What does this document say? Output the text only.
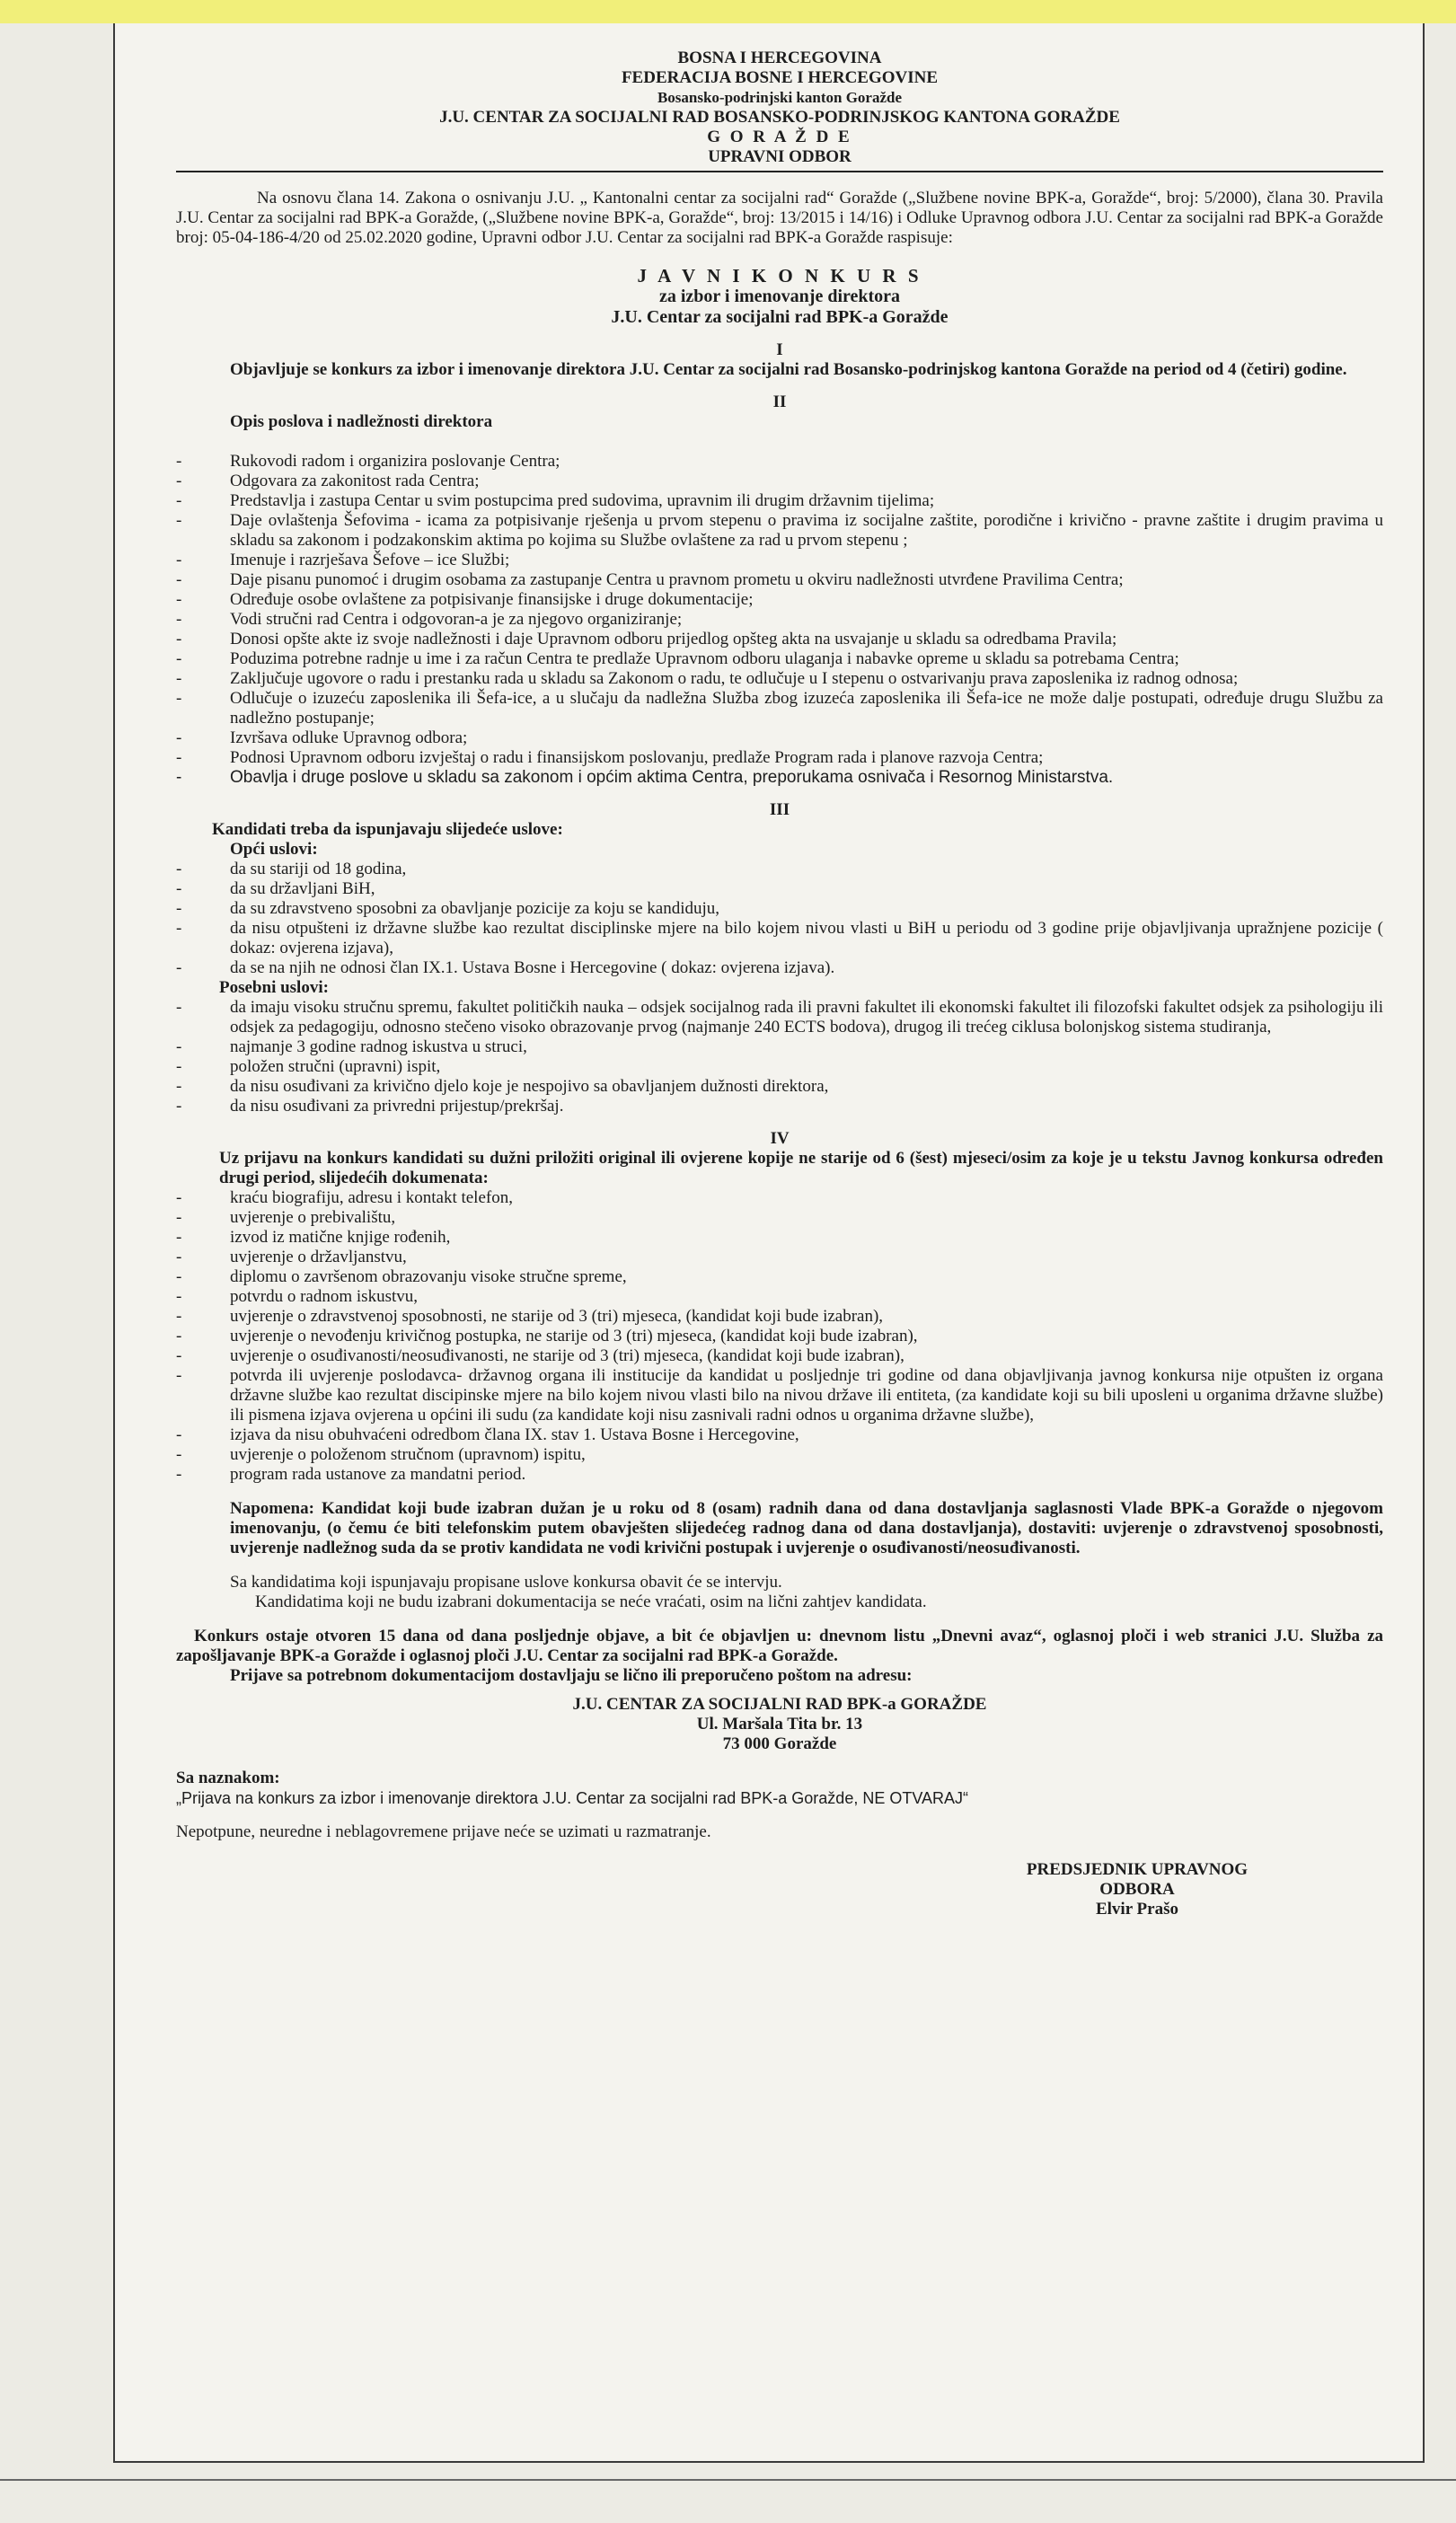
BOSNA I HERCEGOVINA
FEDERACIJA BOSNE I HERCEGOVINE
Bosansko-podrinjski kanton Goražde
J.U. CENTAR ZA SOCIJALNI RAD BOSANSKO-PODRINJSKOG KANTONA GORAŽDE
G O R A Ž D E
UPRAVNI ODBOR

Na osnovu člana 14. Zakona o osnivanju J.U. „ Kantonalni centar za socijalni rad“ Goražde („Službene novine BPK-a, Goražde“, broj: 5/2000), člana 30. Pravila J.U. Centar za socijalni rad BPK-a Goražde, („Službene novine BPK-a, Goražde“, broj: 13/2015 i 14/16) i Odluke Upravnog odbora J.U. Centar za socijalni rad BPK-a Goražde broj: 05-04-186-4/20 od 25.02.2020 godine, Upravni odbor J.U. Centar za socijalni rad BPK-a Goražde raspisuje:

J A V N I K O N K U R S
za izbor i imenovanje direktora
J.U. Centar za socijalni rad BPK-a Goražde
I

Objavljuje se konkurs za izbor i imenovanje direktora J.U. Centar za socijalni rad Bosansko-podrinjskog kantona Goražde na period od 4 (četiri) godine.

II

Opis poslova i nadležnosti direktora

- Rukovodi radom i organizira poslovanje Centra;
- Odgovara za zakonitost rada Centra;
- Predstavlja i zastupa Centar u svim postupcima pred sudovima, upravnim ili drugim državnim tijelima;
- Daje ovlaštenja Šefovima - icama za potpisivanje rješenja u prvom stepenu o pravima iz socijalne zaštite, porodične i krivično - pravne zaštite i drugim pravima u skladu sa zakonom i podzakonskim aktima po kojima su Službe ovlaštene za rad u prvom stepenu ;
- Imenuje i razrješava Šefove – ice Službi;
- Daje pisanu punomoć i drugim osobama za zastupanje Centra u pravnom prometu u okviru nadležnosti utvrđene Pravilima Centra;
- Određuje osobe ovlaštene za potpisivanje finansijske i druge dokumentacije;
- Vodi stručni rad Centra i odgovoran-a je za njegovo organiziranje;
- Donosi opšte akte iz svoje nadležnosti i daje Upravnom odboru prijedlog opšteg akta na usvajanje u skladu sa odredbama Pravila;
- Poduzima potrebne radnje u ime i za račun Centra te predlaže Upravnom odboru ulaganja i nabavke opreme u skladu sa potrebama Centra;
- Zaključuje ugovore o radu i prestanku rada u skladu sa Zakonom o radu, te odlučuje u I stepenu o ostvarivanju prava zaposlenika iz radnog odnosa;
- Odlučuje o izuzeću zaposlenika ili Šefa-ice, a u slučaju da nadležna Služba zbog izuzeća zaposlenika ili Šefa-ice ne može dalje postupati, određuje drugu Službu za nadležno postupanje;
- Izvršava odluke Upravnog odbora;
- Podnosi Upravnom odboru izvještaj o radu i finansijskom poslovanju, predlaže Program rada i planove razvoja Centra;
- Obavlja i druge poslove u skladu sa zakonom i općim aktima Centra, preporukama osnivača i Resornog Ministarstva.
III

Kandidati treba da ispunjavaju slijedeće uslove:

Opći uslovi:

- da su stariji od 18 godina,
- da su državljani BiH,
- da su zdravstveno sposobni za obavljanje pozicije za koju se kandiduju,
- da nisu otpušteni iz državne službe kao rezultat disciplinske mjere na bilo kojem nivou vlasti u BiH u periodu od 3 godine prije objavljivanja upražnjene pozicije ( dokaz: ovjerena izjava),
- da se na njih ne odnosi član IX.1. Ustava Bosne i Hercegovine ( dokaz: ovjerena izjava).

Posebni uslovi:

- da imaju visoku stručnu spremu, fakultet političkih nauka – odsjek socijalnog rada ili pravni fakultet ili ekonomski fakultet ili filozofski fakultet odsjek za psihologiju ili odsjek za pedagogiju, odnosno stečeno visoko obrazovanje prvog (najmanje 240 ECTS bodova), drugog ili trećeg ciklusa bolonjskog sistema studiranja,
- najmanje 3 godine radnog iskustva u struci,
- položen stručni (upravni) ispit,
- da nisu osuđivani za krivično djelo koje je nespojivo sa obavljanjem dužnosti direktora,
- da nisu osuđivani za privredni prijestup/prekršaj.
IV

Uz prijavu na konkurs kandidati su dužni priložiti original ili ovjerene kopije ne starije od 6 (šest) mjeseci/osim za koje je u tekstu Javnog konkursa određen drugi period, slijedećih dokumenata:

- kraću biografiju, adresu i kontakt telefon,
- uvjerenje o prebivalištu,
- izvod iz matične knjige rođenih,
- uvjerenje o državljanstvu,
- diplomu o završenom obrazovanju visoke stručne spreme,
- potvrdu o radnom iskustvu,
- uvjerenje o zdravstvenoj sposobnosti, ne starije od 3 (tri) mjeseca, (kandidat koji bude izabran),
- uvjerenje o nevođenju krivičnog postupka, ne starije od 3 (tri) mjeseca, (kandidat koji bude izabran),
- uvjerenje o osuđivanosti/neosuđivanosti, ne starije od 3 (tri) mjeseca, (kandidat koji bude izabran),
- potvrda ili uvjerenje poslodavca- državnog organa ili institucije da kandidat u posljednje tri godine od dana objavljivanja javnog konkursa nije otpušten iz organa državne službe kao rezultat discipinske mjere na bilo kojem nivou vlasti bilo na nivou države ili entiteta, (za kandidate koji su bili uposleni u organima državne službe) ili pismena izjava ovjerena u općini ili sudu (za kandidate koji nisu zasnivali radni odnos u organima državne službe),
- izjava da nisu obuhvaćeni odredbom člana IX. stav 1. Ustava Bosne i Hercegovine,
- uvjerenje o položenom stručnom (upravnom) ispitu,
- program rada ustanove za mandatni period.

Napomena: Kandidat koji bude izabran dužan je u roku od 8 (osam) radnih dana od dana dostavljanja saglasnosti Vlade BPK-a Goražde o njegovom imenovanju, (o čemu će biti telefonskim putem obavješten slijedećeg radnog dana od dana dostavljanja), dostaviti: uvjerenje o zdravstvenoj sposobnosti, uvjerenje nadležnog suda da se protiv kandidata ne vodi krivični postupak i uvjerenje o osuđivanosti/neosuđivanosti.

Sa kandidatima koji ispunjavaju propisane uslove konkursa obavit će se intervju.

Kandidatima koji ne budu izabrani dokumentacija se neće vraćati, osim na lični zahtjev kandidata.

Konkurs ostaje otvoren 15 dana od dana posljednje objave, a bit će objavljen u: dnevnom listu „Dnevni avaz“, oglasnoj ploči i web stranici J.U. Služba za zapošljavanje BPK-a Goražde i oglasnoj ploči J.U. Centar za socijalni rad BPK-a Goražde.

Prijave sa potrebnom dokumentacijom dostavljaju se lično ili preporučeno poštom na adresu:

J.U. CENTAR ZA SOCIJALNI RAD BPK-a GORAŽDE
Ul. Maršala Tita br. 13
73 000 Goražde

Sa naznakom:

„Prijava na konkurs za izbor i imenovanje direktora J.U. Centar za socijalni rad BPK-a Goražde, NE OTVARAJ“

Nepotpune, neuredne i neblagovremene prijave neće se uzimati u razmatranje.

PREDSJEDNIK UPRAVNOG
ODBORA
Elvir Prašo
